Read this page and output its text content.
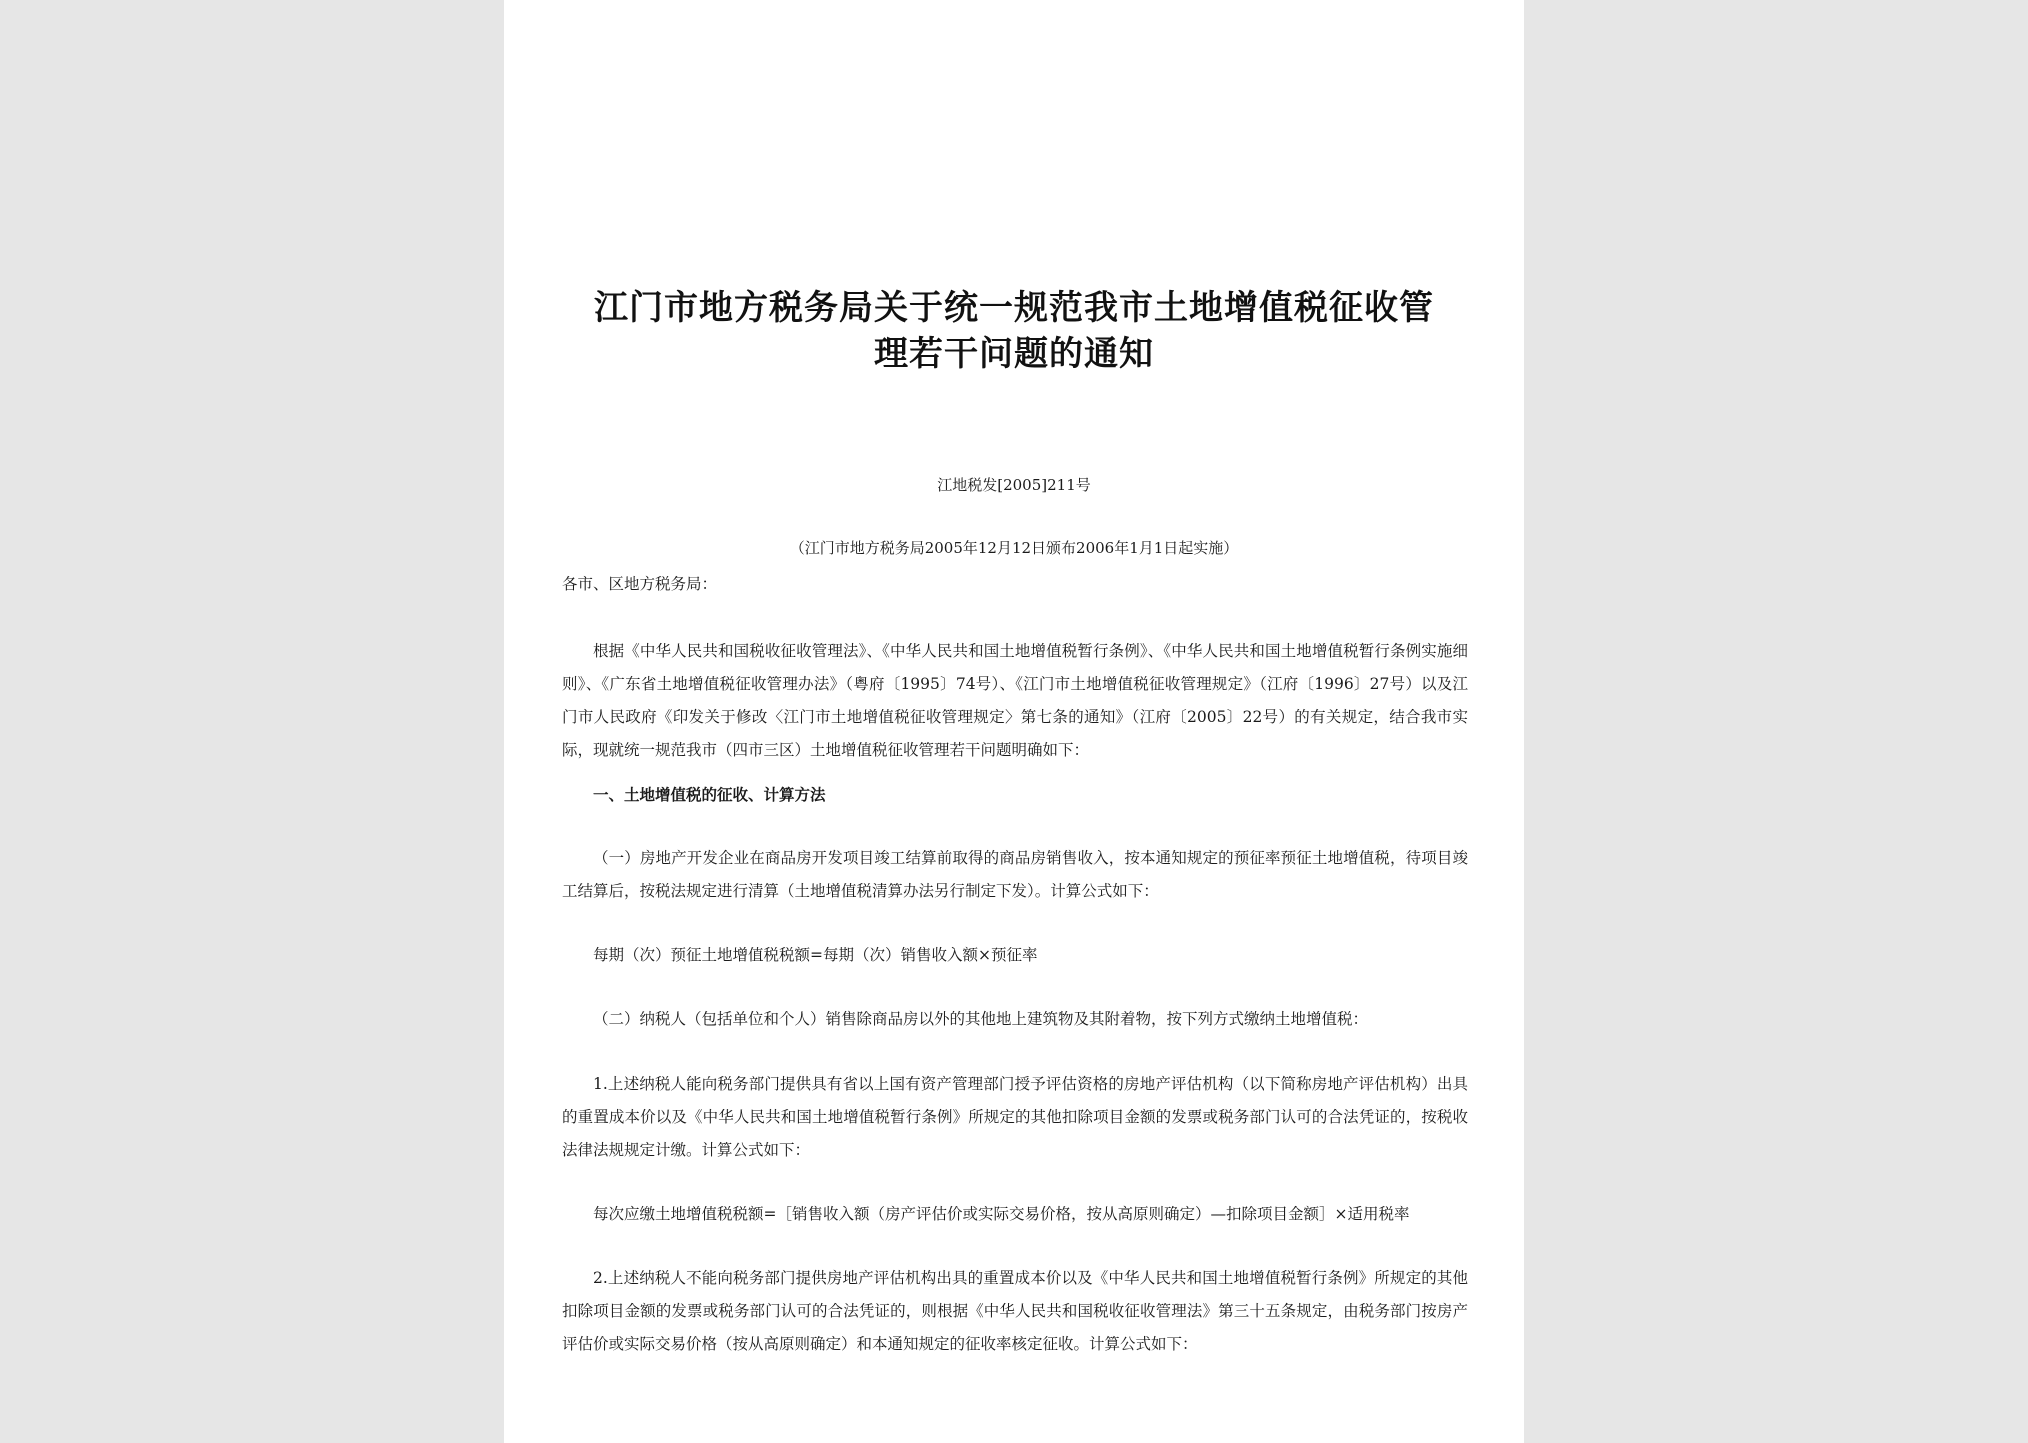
江门市地方税务局关于统一规范我市土地增值税征收管
理若干问题的通知
江地税发[2005]211号
（江门市地方税务局2005年12月12日颁布2006年1月1日起实施）

各市、区地方税务局：

根据《中华人民共和国税收征收管理法》、《中华人民共和国土地增值税暂行条例》、《中华人民共和国土地增值税暂行条例实施细则》、《广东省土地增值税征收管理办法》（粤府〔1995〕74号）、《江门市土地增值税征收管理规定》（江府〔1996〕27号）以及江门市人民政府《印发关于修改〈江门市土地增值税征收管理规定〉第七条的通知》（江府〔2005〕22号）的有关规定，结合我市实际，现就统一规范我市（四市三区）土地增值税征收管理若干问题明确如下：

一、土地增值税的征收、计算方法

（一）房地产开发企业在商品房开发项目竣工结算前取得的商品房销售收入，按本通知规定的预征率预征土地增值税，待项目竣工结算后，按税法规定进行清算（土地增值税清算办法另行制定下发）。计算公式如下：

每期（次）预征土地增值税税额=每期（次）销售收入额×预征率

（二）纳税人（包括单位和个人）销售除商品房以外的其他地上建筑物及其附着物，按下列方式缴纳土地增值税：

1.上述纳税人能向税务部门提供具有省以上国有资产管理部门授予评估资格的房地产评估机构（以下简称房地产评估机构）出具的重置成本价以及《中华人民共和国土地增值税暂行条例》所规定的其他扣除项目金额的发票或税务部门认可的合法凭证的，按税收法律法规规定计缴。计算公式如下：

每次应缴土地增值税税额=［销售收入额（房产评估价或实际交易价格，按从高原则确定）—扣除项目金额］×适用税率

2.上述纳税人不能向税务部门提供房地产评估机构出具的重置成本价以及《中华人民共和国土地增值税暂行条例》所规定的其他扣除项目金额的发票或税务部门认可的合法凭证的，则根据《中华人民共和国税收征收管理法》第三十五条规定，由税务部门按房产评估价或实际交易价格（按从高原则确定）和本通知规定的征收率核定征收。计算公式如下：
